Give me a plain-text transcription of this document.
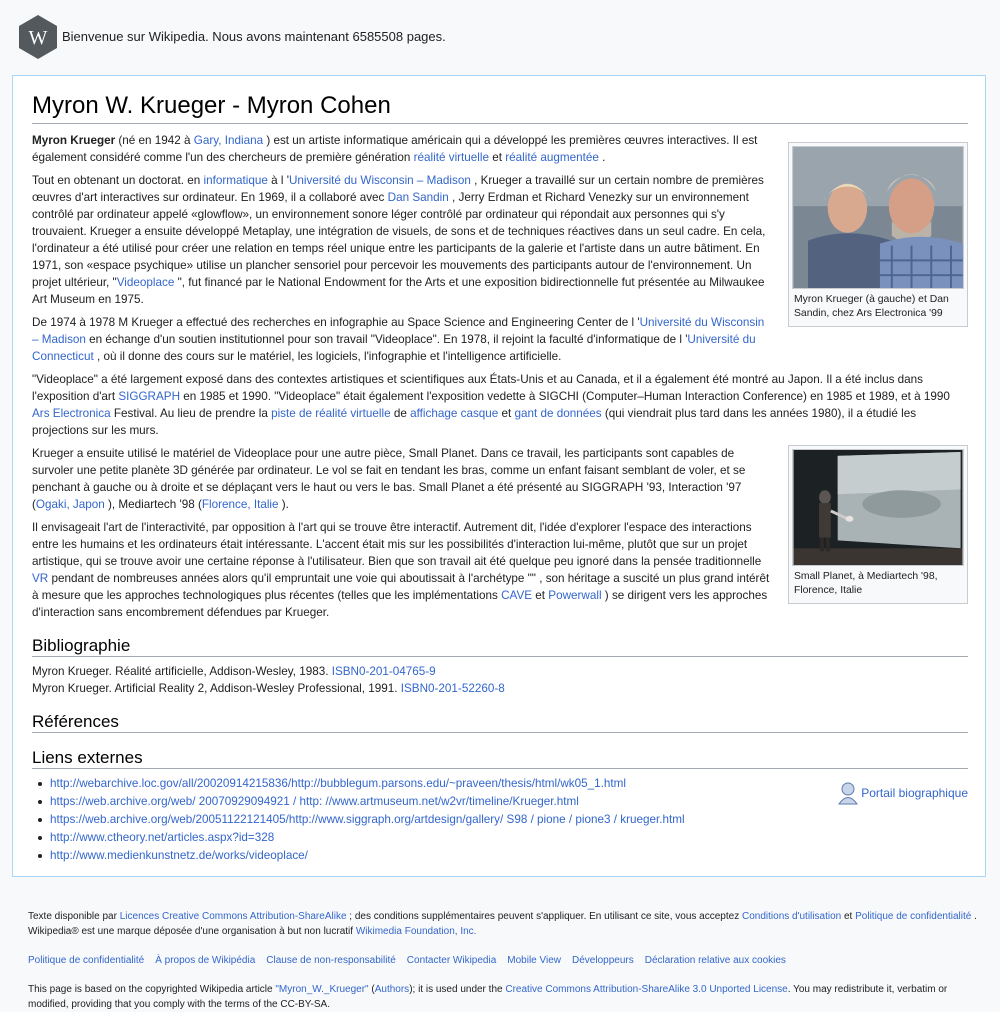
W Bienvenue sur Wikipedia. Nous avons maintenant 6585508 pages.
Myron W. Krueger - Myron Cohen
Myron Krueger (à gauche) et Dan Sandin, chez Ars Electronica '99

Myron Krueger (né en 1942 à Gary, Indiana ) est un artiste informatique américain qui a développé les premières œuvres interactives. Il est également considéré comme l'un des chercheurs de première génération réalité virtuelle et réalité augmentée .

Tout en obtenant un doctorat. en informatique à l 'Université du Wisconsin – Madison , Krueger a travaillé sur un certain nombre de premières œuvres d'art interactives sur ordinateur. En 1969, il a collaboré avec Dan Sandin , Jerry Erdman et Richard Venezky sur un environnement contrôlé par ordinateur appelé «glowflow», un environnement sonore léger contrôlé par ordinateur qui répondait aux personnes qui s'y trouvaient. Krueger a ensuite développé Metaplay, une intégration de visuels, de sons et de techniques réactives dans un seul cadre. En cela, l'ordinateur a été utilisé pour créer une relation en temps réel unique entre les participants de la galerie et l'artiste dans un autre bâtiment. En 1971, son «espace psychique» utilise un plancher sensoriel pour percevoir les mouvements des participants autour de l'environnement. Un projet ultérieur, "Videoplace ", fut financé par le National Endowment for the Arts et une exposition bidirectionnelle fut présentée au Milwaukee Art Museum en 1975.

De 1974 à 1978 M Krueger a effectué des recherches en infographie au Space Science and Engineering Center de l 'Université du Wisconsin – Madison en échange d'un soutien institutionnel pour son travail "Videoplace". En 1978, il rejoint la faculté d'informatique de l 'Université du Connecticut , où il donne des cours sur le matériel, les logiciels, l'infographie et l'intelligence artificielle.

"Videoplace" a été largement exposé dans des contextes artistiques et scientifiques aux États-Unis et au Canada, et il a également été montré au Japon. Il a été inclus dans l'exposition d'art SIGGRAPH en 1985 et 1990. "Videoplace" était également l'exposition vedette à SIGCHI (Computer–Human Interaction Conference) en 1985 et 1989, et à 1990 Ars Electronica Festival. Au lieu de prendre la piste de réalité virtuelle de affichage casque et gant de données (qui viendrait plus tard dans les années 1980), il a étudié les projections sur les murs.

Small Planet, à Mediartech '98, Florence, Italie

Krueger a ensuite utilisé le matériel de Videoplace pour une autre pièce, Small Planet. Dans ce travail, les participants sont capables de survoler une petite planète 3D générée par ordinateur. Le vol se fait en tendant les bras, comme un enfant faisant semblant de voler, et se penchant à gauche ou à droite et se déplaçant vers le haut ou vers le bas. Small Planet a été présenté au SIGGRAPH '93, Interaction '97 (Ogaki, Japon ), Mediartech '98 (Florence, Italie ).

Il envisageait l'art de l'interactivité, par opposition à l'art qui se trouve être interactif. Autrement dit, l'idée d'explorer l'espace des interactions entre les humains et les ordinateurs était intéressante. L'accent était mis sur les possibilités d'interaction lui-même, plutôt que sur un projet artistique, qui se trouve avoir une certaine réponse à l'utilisateur. Bien que son travail ait été quelque peu ignoré dans la pensée traditionnelle VR pendant de nombreuses années alors qu'il empruntait une voie qui aboutissait à l'archétype "" , son héritage a suscité un plus grand intérêt à mesure que les approches technologiques plus récentes (telles que les implémentations CAVE et Powerwall ) se dirigent vers les approches d'interaction sans encombrement défendues par Krueger.

Bibliographie

Myron Krueger. Réalité artificielle, Addison-Wesley, 1983. ISBN0-201-04765-9

Myron Krueger. Artificial Reality 2, Addison-Wesley Professional, 1991. ISBN0-201-52260-8

Références
Liens externes
http://webarchive.loc.gov/all/20020914215836/http://bubblegum.parsons.edu/~praveen/thesis/html/wk05_1.html
https://web.archive.org/web/ 20070929094921 / http: //www.artmuseum.net/w2vr/timeline/Krueger.html
https://web.archive.org/web/20051122121405/http://www.siggraph.org/artdesign/gallery/ S98 / pione / pione3 / krueger.html
http://www.ctheory.net/articles.aspx?id=328
http://www.medienkunstnetz.de/works/videoplace/
Portail biographique

Texte disponible par Licences Creative Commons Attribution-ShareAlike ; des conditions supplémentaires peuvent s'appliquer. En utilisant ce site, vous acceptez Conditions d'utilisation et Politique de confidentialité . Wikipedia® est une marque déposée d'une organisation à but non lucratif Wikimedia Foundation, Inc.

Politique de confidentialité À propos de Wikipédia Clause de non-responsabilité Contacter Wikipedia Mobile View Développeurs Déclaration relative aux cookies

This page is based on the copyrighted Wikipedia article "Myron_W._Krueger" (Authors); it is used under the Creative Commons Attribution-ShareAlike 3.0 Unported License. You may redistribute it, verbatim or modified, providing that you comply with the terms of the CC-BY-SA.
